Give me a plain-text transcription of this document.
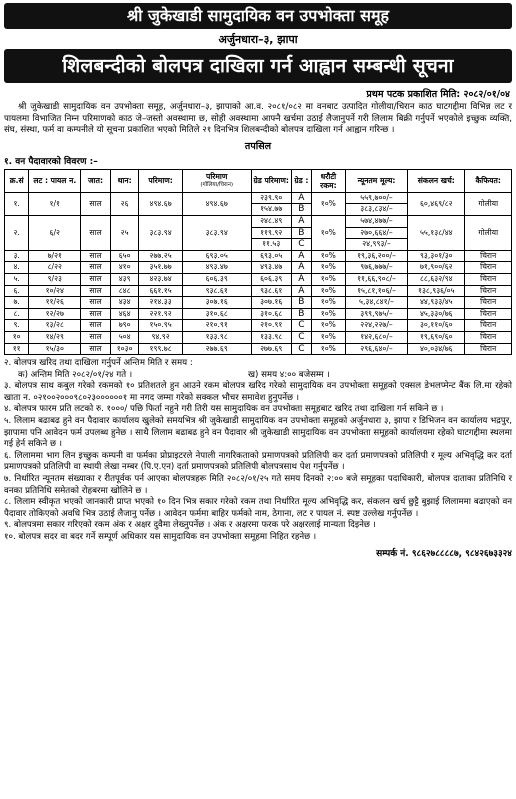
श्री जुकेखाडी सामुदायिक वन उपभोक्ता समूह
अर्जुनधारा–३, झापा
शिलबन्दीको बोलपत्र दाखिला गर्न आह्वान सम्बन्धी सूचना
प्रथम पटक प्रकाशित मिति: २०८२/०१/०४

श्री जुकेखाडी सामुदायिक वन उपभोक्ता समूह, अर्जुनधारा–३, झापाको आ.व. २०८१/०८२ मा वनबाट उत्पादित गोलीया/चिरान काठ घाटगद्दीमा विभिन्न लट र पायलमा विभाजित निम्न परिमाणको काठ जे–जस्तो अवस्थामा छ, सोही अवस्थामा आफ्नै खर्चमा उठाई लैजानुपर्ने गरी लिलाम बिक्री गर्नुपर्ने भएकोले इच्छुक व्यक्ति, संघ, संस्था, फर्म वा कम्पनीले यो सूचना प्रकाशित भएको मितिले २१ दिनभित्र शिलबन्दीको बोलपत्र दाखिला गर्न आह्वान गरिन्छ ।

तपसिल
१. वन पैदावारको विवरण :–
क्र.सं	लट : पायल न.	जात:	थान:	परिमाण:	परिमाण
(गोलिया/चिरान)	ग्रेड परिमाण:	ग्रेड :	धरौटी रकम:	न्यूनतम मूल्य:	संकलन खर्च:	कैफियत:
१.	१/१	साल	२६	४९४.६७	४९४.६७	२३९.९०	A	१०%	५५९,७००/–	६०,४६९/८२	गोलीया
						१५४.७७	B		३८३,८३४/–		
२.	६/२	साल	२५	३८३.९४	३८३.९४	२४८.४९	A	१०%	५७४,४७७/–	५५,१३८/४४	गोलीया
						११९.९२	B		२७०,६६४/–		
						११.५३	C		२४,९९३/–		
३.	७/२१	साल	६५०	२७७.२५	६९३.०५	६९३.०५	A	१०%	१९,३६,२००/–	९३,३०१/३०	चिरान
४.	८/२२	साल	४१०	३५१.७७	४९३.४७	४९३.४७	A	१०%	९७६,७७७/–	७१,९००/६२	चिरान
५.	९/२३	साल	४३९	४२३.७४	६०६.३९	६०६.३९	A	१०%	११,६६,९०८/–	८८,६३२/९४	चिरान
६.	१०/२४	साल	८४८	६६१.१५	९३८.६१	९३८.६१	A	१०%	१५,८१,१०६/–	१३८,९३६/०५	चिरान
७.	११/२६	साल	४३४	२१४.३३	३०७.१६	३०७.१६	B	१०%	५,३४,८४१/–	४४,९३३/४५	चिरान
८.	१२/२७	साल	४६४	२२१.९२	३१०.६८	३१०.६८	B	१०%	३९९,९७५/–	४५,३३०/७६	चिरान
९.	१३/२८	साल	७९०	१५०.९५	२१०.९१	२१०.९१	C	१०%	२२४,२२७/–	३०,११०/६०	चिरान
१०	१४/२९	साल	५०४	९४.९२	१३३.९८	१३३.९८	C	१०%	१४२,६८०/–	१९,६९०/६०	चिरान
११	१५/३०	साल	१०३०	१९९.७८	२७७.६९	२७७.६९	C	१०%	२९६,६४०/–	४०,०३४/७६	चिरान

२. बोलपत्र खरिद तथा दाखिला गर्नुपर्ने अन्तिम मिति र समय :

क) अन्तिम मिति २०८२/०१/२४ गते ।	ख) समय ४:०० बजेसम्म ।

३. बोलपत्र साथ कबुल गरेको रकमको १० प्रतिशतले हुन आउने रकम बोलपत्र खरिद गरेको सामुदायिक वन उपभोक्ता समूहको एक्सल डेभलप्मेन्ट बैंक लि.मा रहेको खाता न. ०२१००२०००९८०२३००००००१ मा नगद जम्मा गरेको सक्कल भौचर समावेश हुनुपर्नेछ ।

४. बोलपत्र फारम प्रति लटको रु. १०००/ पछि फिर्ता नहुने गरी तिरी यस सामुदायिक वन उपभोक्ता समूहबाट खरिद तथा दाखिला गर्न सकिने छ ।

५. लिलाम बढाबढ हुने वन पैदावार कार्यालय खुलेको समयभित्र श्री जुकेखाडी सामुदायिक वन उपभोक्ता समूहको अर्जुनधारा ३, झापा र डिभिजन वन कार्यालय भद्रपुर, झापामा पनि आवेदन फर्म उपलब्ध हुनेछ । साथै लिलाम बढाबढ हुने वन पैदावार श्री जुकेखाडी सामुदायिक वन उपभोक्ता समूहको कार्यालयमा रहेको घाटगद्दीमा स्थलमा गई हेर्न सकिने छ ।

६. लिलाममा भाग लिन इच्छुक कम्पनी वा फर्मका प्रोप्राइटरले नेपाली नागरिकताको प्रमाणपत्रको प्रतिलिपी कर दर्ता प्रमाणपत्रको प्रतिलिपी र मूल्य अभिवृद्धि कर दर्ता प्रमाणपत्रको प्रतिलिपी वा स्थायी लेखा नम्बर (पि.ए.एन) दर्ता प्रमाणपत्रको प्रतिलिपी बोलपत्रसाथ पेश गर्नुपर्नेछ ।

७. निर्धारित न्यूनतम संख्याका र रीतपूर्वक पर्न आएका बोलपत्रहरू मिति २०८२/०१/२५ गते समय दिनको २:०० बजे समूहका पदाधिकारी, बोलपत्र दाताका प्रतिनिधि र वनका प्रतिनिधि समेतको रोहबरमा खोलिने छ ।

८. लिलाम स्वीकृत भएको जानकारी प्राप्त भएको १० दिन भित्र सकार गरेको रकम तथा निर्धारित मूल्य अभिवृद्धि कर, संकलन खर्च छुट्टै बुझाई लिलाममा बढाएको वन पैदावार तोकिएको अवधि भित्र उठाई लैजानु पर्नेछ । आवेदन फर्ममा बाहिर फर्मको नाम, ठेगाना, लट र पायल नं. स्पष्ट उल्लेख गर्नुपर्नेछ ।

९. बोलपत्रमा सकार गरिएको रकम अंक र अक्षर दुवैमा लेख्नुपर्नेछ । अंक र अक्षरमा फरक परे अक्षरलाई मान्यता दिइनेछ ।

१०. बोलपत्र सदर वा बदर गर्ने सम्पूर्ण अधिकार यस सामुदायिक वन उपभोक्ता समूहमा निहित रहनेछ ।

सम्पर्क नं. ९८६२७८८८८७, ९८४२६७३३२४
